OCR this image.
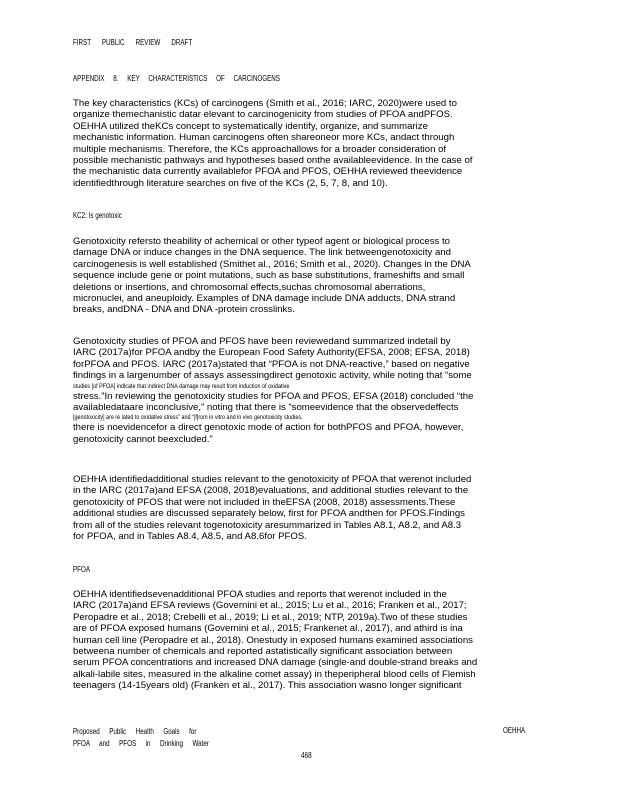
FIRST PUBLIC REVIEW DRAFT
APPENDIX 8. KEY CHARACTERISTICS OF CARCINOGENS

The key characteristics (KCs) of carcinogens (Smith et al., 2016; IARC, 2020)were used to

organize themechanistic datar elevant to carcinogenicity from studies of PFOA andPFOS.

OEHHA utilized theKCs concept to systematically identify, organize, and summarize

mechanistic information. Human carcinogens often shareoneor more KCs, andact through

multiple mechanisms. Therefore, the KCs approachallows for a broader consideration of

possible mechanistic pathways and hypotheses based onthe availableevidence. In the case of

the mechanistic data currently availablefor PFOA and PFOS, OEHHA reviewed theevidence

identifiedthrough literature searches on five of the KCs (2, 5, 7, 8, and 10).

KC2: Is genotoxic

Genotoxicity refersto theability of achemical or other typeof agent or biological process to

damage DNA or induce changes in the DNA sequence. The link betweengenotoxicity and

carcinogenesis is well established (Smithet al., 2016; Smith et al., 2020). Changes in the DNA

sequence include gene or point mutations, such as base substitutions, frameshifts and small

deletions or insertions, and chromosomal effects,suchas chromosomal aberrations,

micronuclei, and aneuploidy. Examples of DNA damage include DNA adducts, DNA strand

breaks, andDNA - DNA and DNA -protein crosslinks.

Genotoxicity studies of PFOA and PFOS have been reviewedand summarized indetail by

IARC (2017a)for PFOA andby the European Food Safety Authority(EFSA, 2008; EFSA, 2018)

forPFOA and PFOS. IARC (2017a)stated that “PFOA is not DNA-reactive,” based on negative

findings in a largenumber of assays assessingdirect genotoxic activity, while noting that “some

studies [of PFOA] indicate that indirect DNA damage may result from induction of oxidative

stress.”In reviewing the genotoxicity studies for PFOA and PFOS, EFSA (2018) concluded “the

availabledataare inconclusive,” noting that there is “someevidence that the observedeffects

[genotoxicity] are re lated to oxidative stress” and “[f]rom in vitro and in vivo genotoxicity studies,

there is noevidencefor a direct genotoxic mode of action for bothPFOS and PFOA, however,

genotoxicity cannot beexcluded.”

OEHHA identifiedadditional studies relevant to the genotoxicity of PFOA that werenot included

in the IARC (2017a)and EFSA (2008, 2018)evaluations, and additional studies relevant to the

genotoxicity of PFOS that were not included in theEFSA (2008, 2018) assessments.These

additional studies are discussed separately below, first for PFOA andthen for PFOS.Findings

from all of the studies relevant togenotoxicity aresummarized in Tables A8.1, A8.2, and A8.3

for PFOA, and in Tables A8.4, A8.5, and A8.6for PFOS.

PFOA

OEHHA identifiedsevenadditional PFOA studies and reports that werenot included in the

IARC (2017a)and EFSA reviews (Governini et al., 2015; Lu et al., 2016; Franken et al., 2017;

Peropadre et al., 2018; Crebelli et al., 2019; Li et al., 2019; NTP, 2019a).Two of these studies

are of PFOA exposed humans (Governini et al., 2015; Frankenet al., 2017), and athird is ina

human cell line (Peropadre et al., 2018). Onestudy in exposed humans examined associations

betweena number of chemicals and reported astatistically significant association between

serum PFOA concentrations and increased DNA damage (single-and double-strand breaks and

alkali-labile sites, measured in the alkaline comet assay) in theperipheral blood cells of Flemish

teenagers (14-15years old) (Franken et al., 2017). This association wasno longer significant

Proposed Public Health Goals for
PFOA and PFOS in Drinking Water
OEHHA
468
